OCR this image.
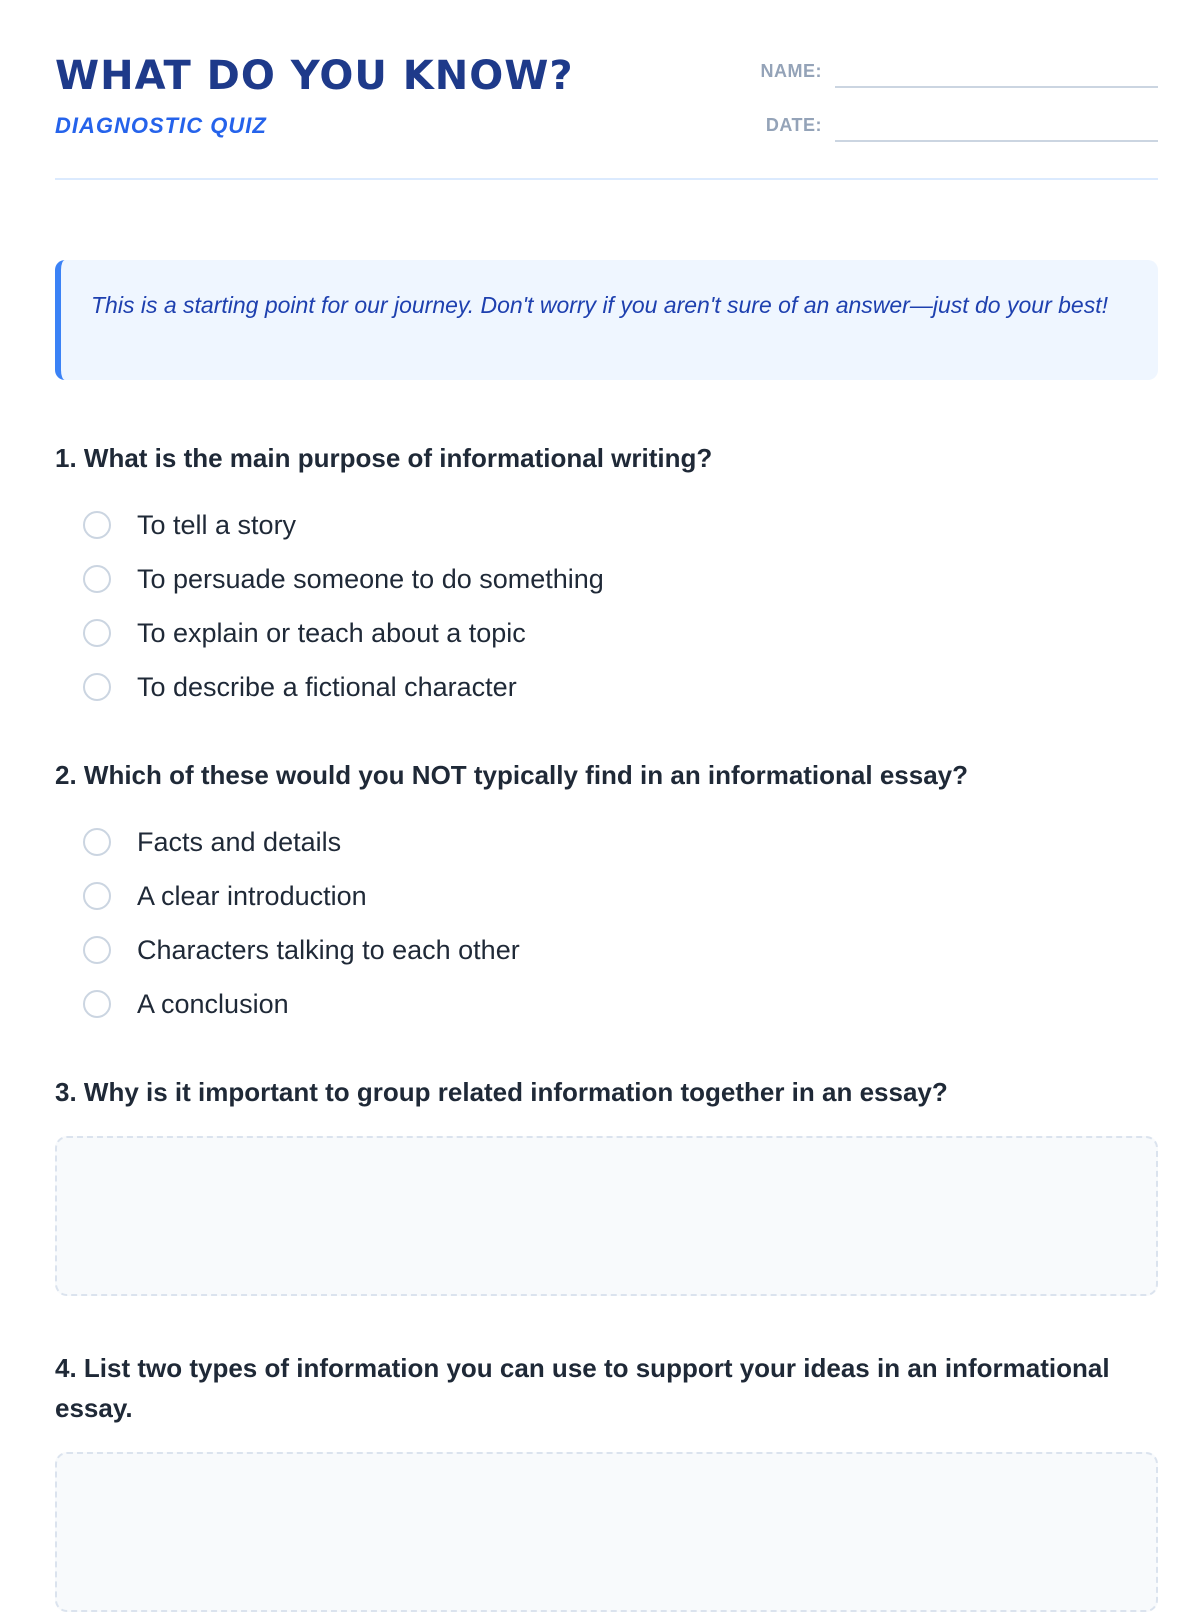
WHAT DO YOU KNOW?
DIAGNOSTIC QUIZ
NAME:
DATE:
This is a starting point for our journey. Don't worry if you aren't sure of an answer—just do your best!

1. What is the main purpose of informational writing?

To tell a story
To persuade someone to do something
To explain or teach about a topic
To describe a fictional character

2. Which of these would you NOT typically find in an informational essay?

Facts and details
A clear introduction
Characters talking to each other
A conclusion

3. Why is it important to group related information together in an essay?

4. List two types of information you can use to support your ideas in an informational essay.
